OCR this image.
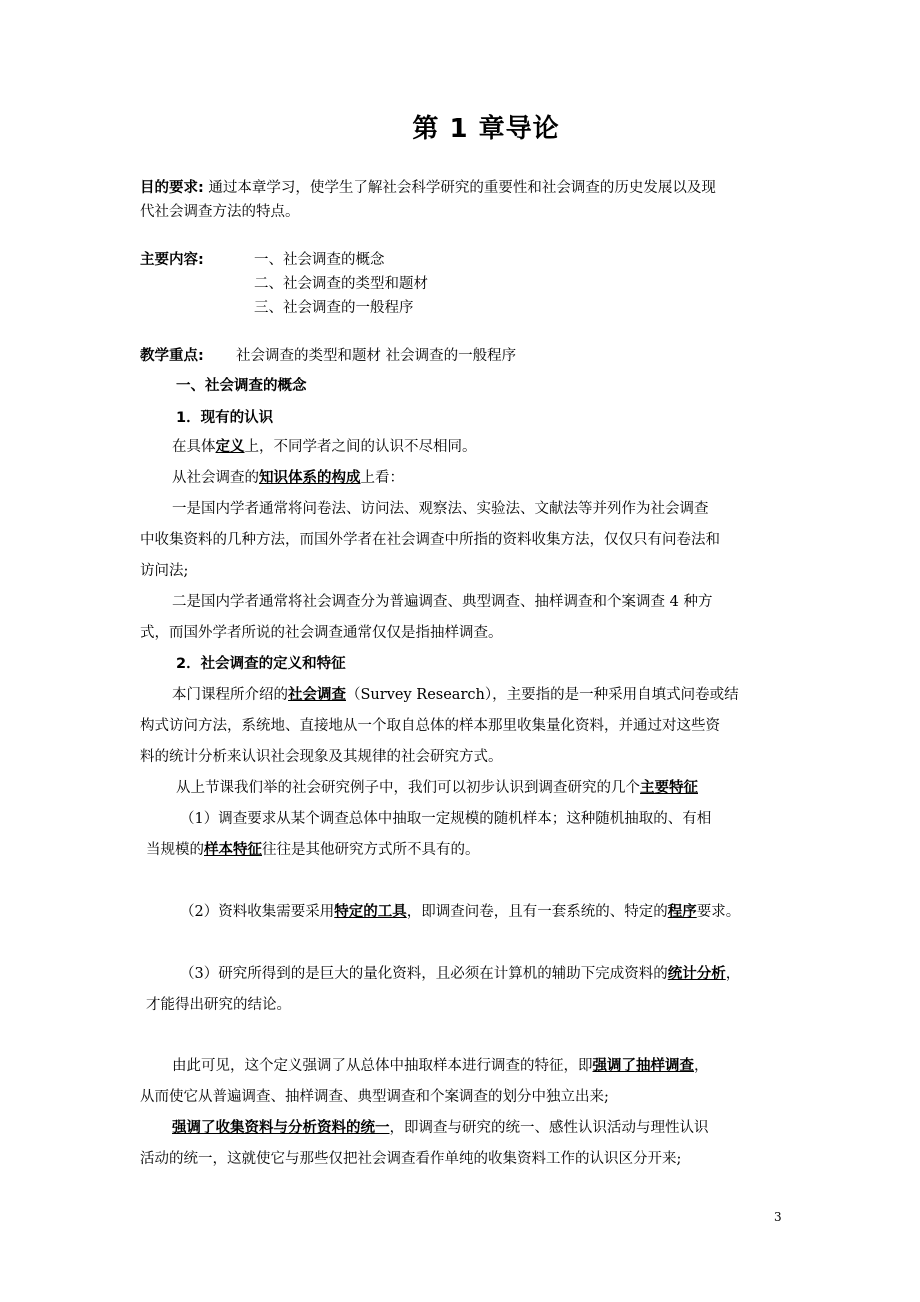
第 1 章导论
目的要求: 通过本章学习，使学生了解社会科学研究的重要性和社会调查的历史发展以及现
代社会调查方法的特点。
主要内容:	一、社会调查的概念
二、社会调查的类型和题材
三、社会调查的一般程序
教学重点: 社会调查的类型和题材 社会调查的一般程序
一、社会调查的概念
1．现有的认识
在具体定义上，不同学者之间的认识不尽相同。
从社会调查的知识体系的构成上看：
一是国内学者通常将问卷法、访问法、观察法、实验法、文献法等并列作为社会调查
中收集资料的几种方法，而国外学者在社会调查中所指的资料收集方法，仅仅只有问卷法和
访问法;
二是国内学者通常将社会调查分为普遍调查、典型调查、抽样调查和个案调查 4 种方
式，而国外学者所说的社会调查通常仅仅是指抽样调查。
2．社会调查的定义和特征
本门课程所介绍的社会调查（Survey Research），主要指的是一种采用自填式问卷或结
构式访问方法，系统地、直接地从一个取自总体的样本那里收集量化资料，并通过对这些资
料的统计分析来认识社会现象及其规律的社会研究方式。
从上节课我们举的社会研究例子中，我们可以初步认识到调查研究的几个主要特征
（1）调查要求从某个调查总体中抽取一定规模的随机样本；这种随机抽取的、有相
当规模的样本特征往往是其他研究方式所不具有的。
（2）资料收集需要采用特定的工具，即调查问卷，且有一套系统的、特定的程序要求。
（3）研究所得到的是巨大的量化资料，且必须在计算机的辅助下完成资料的统计分析，
才能得出研究的结论。
由此可见，这个定义强调了从总体中抽取样本进行调查的特征，即强调了抽样调查，
从而使它从普遍调查、抽样调查、典型调查和个案调查的划分中独立出来;
强调了收集资料与分析资料的统一，即调查与研究的统一、感性认识活动与理性认识
活动的统一，这就使它与那些仅把社会调查看作单纯的收集资料工作的认识区分开来;
3
